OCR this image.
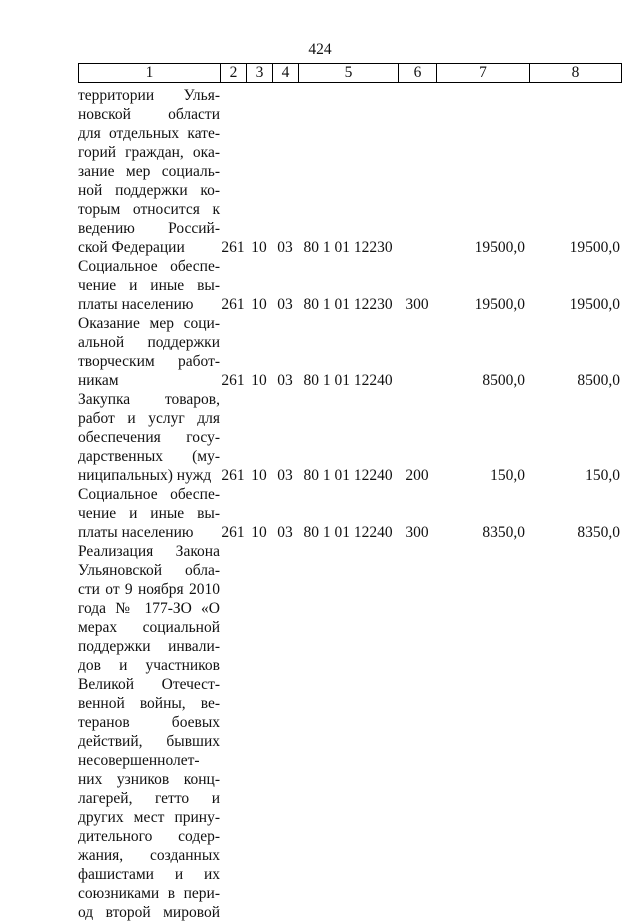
424
1	2	3	4	5	6	7	8
территории Улья-
новской области
для отдельных кате-
горий граждан, ока-
зание мер социаль-
ной поддержки ко-
торым относится к
ведению Россий-
ской Федерации	261 10 03 80 1 01 12230	19500,0	19500,0
Социальное обеспе-
чение и иные вы-
платы населению	261 10 03 80 1 01 12230 300	19500,0	19500,0
Оказание мер соци-
альной поддержки
творческим работ-
никам	261 10 03 80 1 01 12240	8500,0	8500,0
Закупка товаров,
работ и услуг для
обеспечения госу-
дарственных (му-
ниципальных) нужд 261 10 03 80 1 01 12240 200	150,0	150,0
Социальное обеспе-
чение и иные вы-
платы населению	261 10 03 80 1 01 12240 300	8350,0	8350,0
Реализация Закона
Ульяновской обла-
сти от 9 ноября 2010
года № 177-ЗО «О
мерах социальной
поддержки инвали-
дов и участников
Великой Отечест-
венной войны, ве-
теранов боевых
действий, бывших
несовершеннолет-
них узников конц-
лагерей, гетто и
других мест прину-
дительного содер-
жания, созданных
фашистами и их
союзниками в пери-
од второй мировой
